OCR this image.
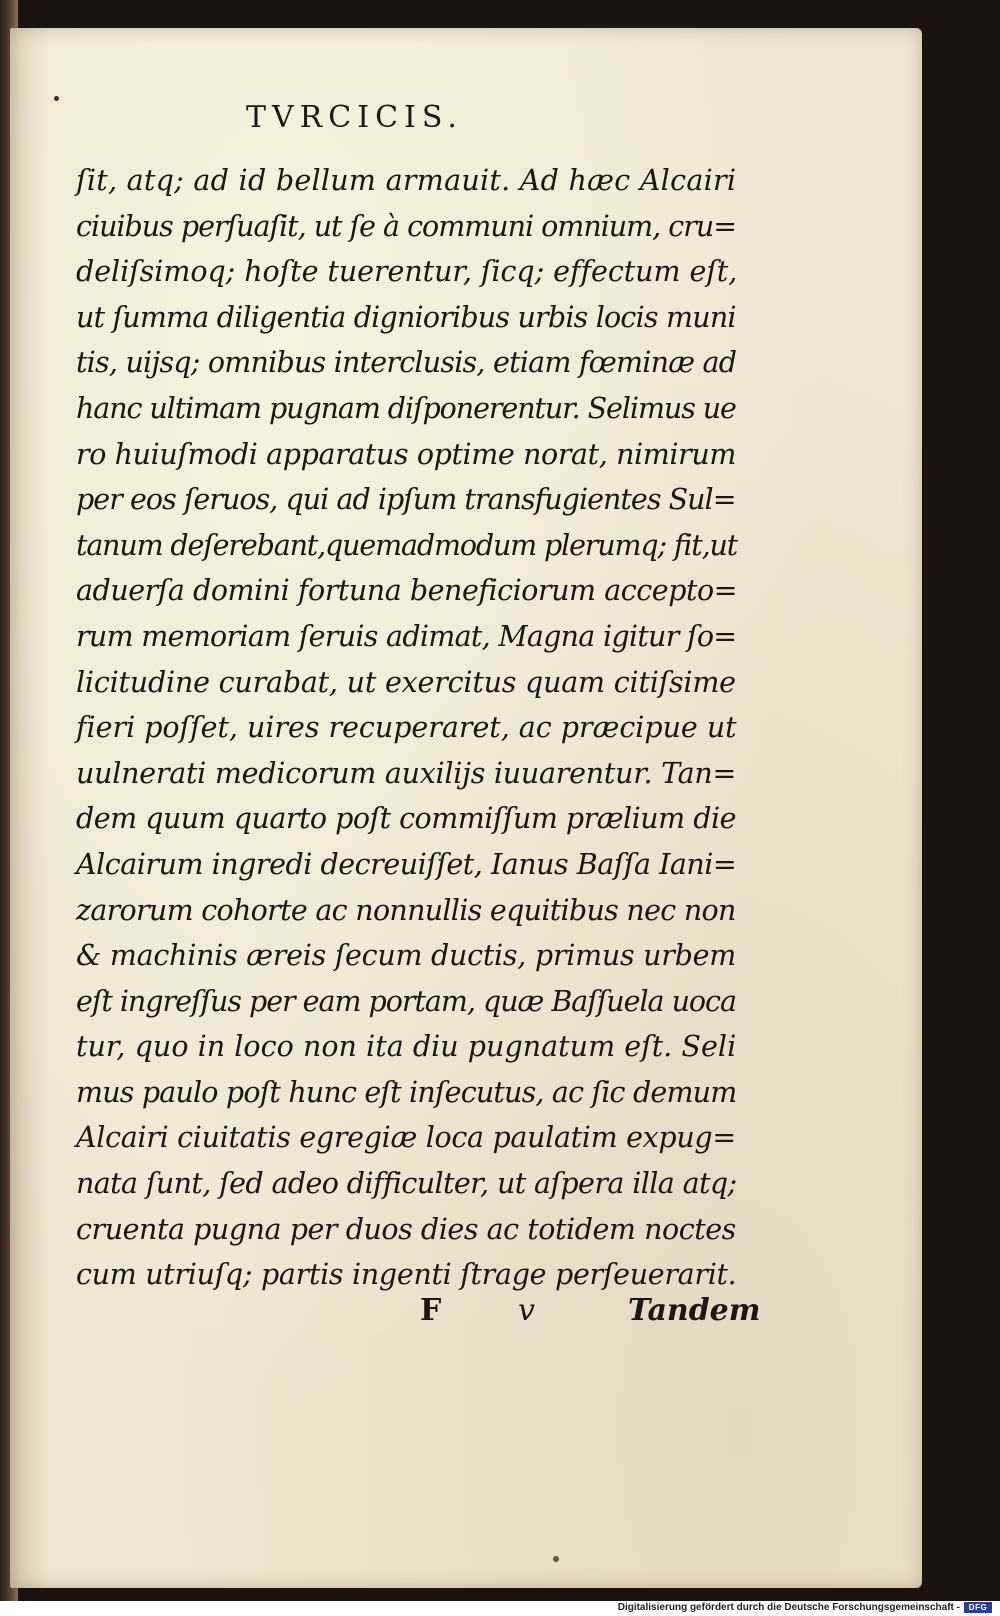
TVRCICIS.
ſit, atq; ad id bellum armauit. Ad hæc Alcairi
ciuibus perſuaſit, ut ſe à communi omnium, cru=
deliſsimoq; hoſte tuerentur, ſicq; effectum eſt,
ut ſumma diligentia dignioribus urbis locis muni
tis, uijsq; omnibus interclusis, etiam fœminæ ad
hanc ultimam pugnam diſponerentur. Selimus ue
ro huiuſmodi apparatus optime norat, nimirum
per eos ſeruos, qui ad ipſum transfugientes Sul=
tanum deſerebant,quemadmodum plerumq; fit,ut
aduerſa domini fortuna beneficiorum accepto=
rum memoriam ſeruis adimat, Magna igitur ſo=
licitudine curabat, ut exercitus quam citiſsime
fieri poſſet, uires recuperaret, ac præcipue ut
uulnerati medicorum auxilijs iuuarentur. Tan=
dem quum quarto poſt commiſſum prælium die
Alcairum ingredi decreuiſſet, Ianus Baſſa Iani=
zarorum cohorte ac nonnullis equitibus nec non
& machinis æreis ſecum ductis, primus urbem
eſt ingreſſus per eam portam, quæ Baſſuela uoca
tur, quo in loco non ita diu pugnatum eſt. Seli
mus paulo poſt hunc eſt inſecutus, ac ſic demum
Alcairi ciuitatis egregiæ loca paulatim expug=
nata ſunt, ſed adeo difficulter, ut aſpera illa atq;
cruenta pugna per duos dies ac totidem noctes
cum utriuſq; partis ingenti ſtrage perſeuerarit.
F	v	Tandem
Digitalisierung gefördert durch die Deutsche Forschungsgemeinschaft -	DFG
